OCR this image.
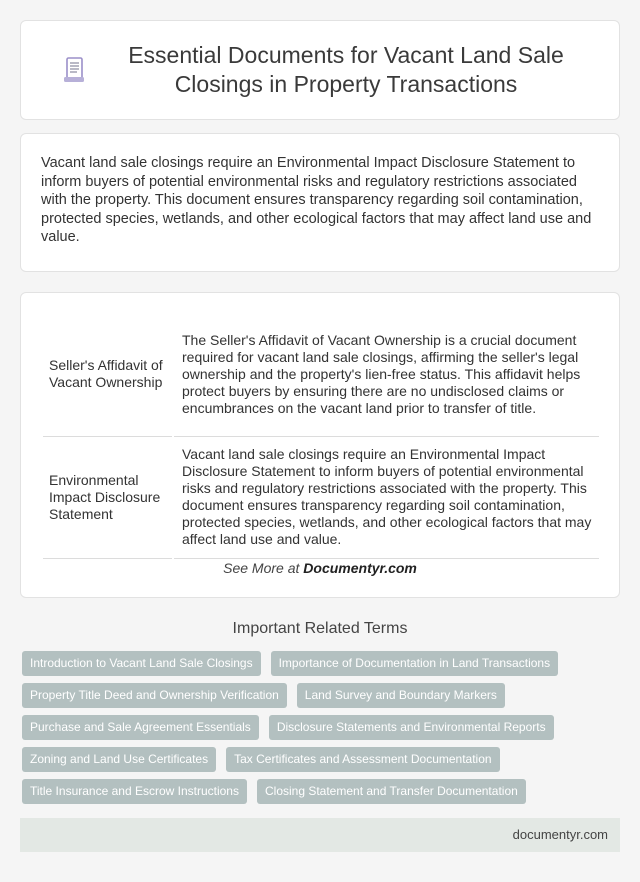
Essential Documents for Vacant Land Sale Closings in Property Transactions

Vacant land sale closings require an Environmental Impact Disclosure Statement to inform buyers of potential environmental risks and regulatory restrictions associated with the property. This document ensures transparency regarding soil contamination, protected species, wetlands, and other ecological factors that may affect land use and value.

Seller's Affidavit of Vacant Ownership	The Seller's Affidavit of Vacant Ownership is a crucial document required for vacant land sale closings, affirming the seller's legal ownership and the property's lien-free status. This affidavit helps protect buyers by ensuring there are no undisclosed claims or encumbrances on the vacant land prior to transfer of title.
Environmental Impact Disclosure Statement	Vacant land sale closings require an Environmental Impact Disclosure Statement to inform buyers of potential environmental risks and regulatory restrictions associated with the property. This document ensures transparency regarding soil contamination, protected species, wetlands, and other ecological factors that may affect land use and value.
See More at Documentyr.com
Important Related Terms
Introduction to Vacant Land Sale Closings	Importance of Documentation in Land Transactions
Property Title Deed and Ownership Verification	Land Survey and Boundary Markers
Purchase and Sale Agreement Essentials	Disclosure Statements and Environmental Reports
Zoning and Land Use Certificates	Tax Certificates and Assessment Documentation
Title Insurance and Escrow Instructions	Closing Statement and Transfer Documentation
documentyr.com
